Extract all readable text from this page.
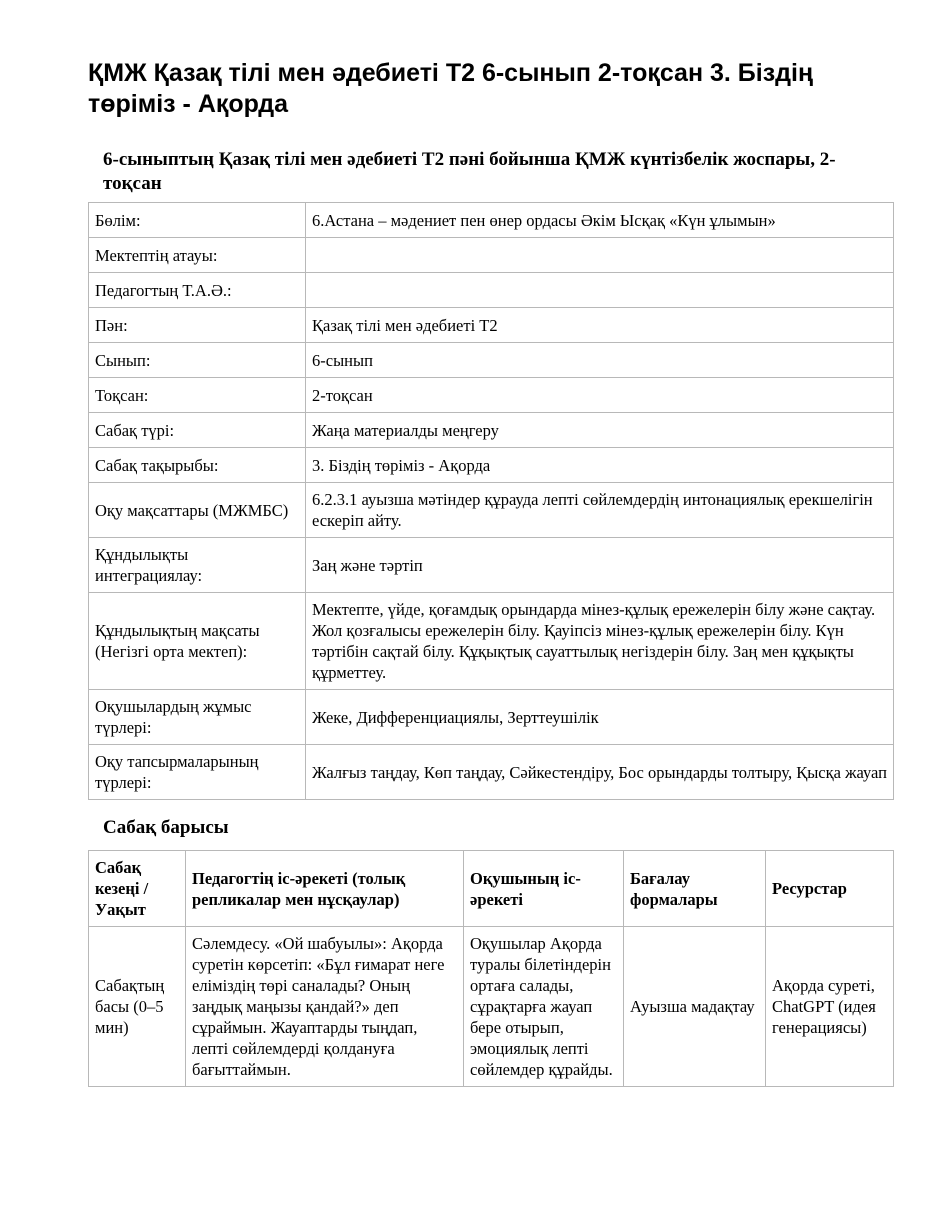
ҚМЖ Қазақ тілі мен әдебиеті Т2 6-сынып 2-тоқсан 3. Біздің төріміз - Ақорда
6-сыныптың Қазақ тілі мен әдебиеті Т2 пәні бойынша ҚМЖ күнтізбелік жоспары, 2-тоқсан
Бөлім:	6.Астана – мәдениет пен өнер ордасы Әкім Ысқақ «Күн ұлымын»
Мектептің атауы:	
Педагогтың Т.А.Ә.:	
Пән:	Қазақ тілі мен әдебиеті Т2
Сынып:	6-сынып
Тоқсан:	2-тоқсан
Сабақ түрі:	Жаңа материалды меңгеру
Сабақ тақырыбы:	3. Біздің төріміз - Ақорда
Оқу мақсаттары (МЖМБС)	6.2.3.1 ауызша мәтіндер құрауда лепті сөйлемдердің интонациялық ерекшелігін ескеріп айту.
Құндылықты интеграциялау:	Заң және тәртіп
Құндылықтың мақсаты (Негізгі орта мектеп):	Мектепте, үйде, қоғамдық орындарда мінез-құлық ережелерін білу және сақтау. Жол қозғалысы ережелерін білу. Қауіпсіз мінез-құлық ережелерін білу. Күн тәртібін сақтай білу. Құқықтық сауаттылық негіздерін білу. Заң мен құқықты құрметтеу.
Оқушылардың жұмыс түрлері:	Жеке, Дифференциациялы, Зерттеушілік
Оқу тапсырмаларының түрлері:	Жалғыз таңдау, Көп таңдау, Сәйкестендіру, Бос орындарды толтыру, Қысқа жауап
Сабақ барысы
Сабақ кезеңі / Уақыт	Педагогтің іс-әрекеті (толық репликалар мен нұсқаулар)	Оқушының іс-әрекеті	Бағалау формалары	Ресурстар
Сабақтың басы (0–5 мин)	Сәлемдесу. «Ой шабуылы»: Ақорда суретін көрсетіп: «Бұл ғимарат неге еліміздің төрі саналады? Оның заңдық маңызы қандай?» деп сұраймын. Жауаптарды тыңдап, лепті сөйлемдерді қолдануға бағыттаймын.	Оқушылар Ақорда туралы білетіндерін ортаға салады, сұрақтарға жауап бере отырып, эмоциялық лепті сөйлемдер құрайды.	Ауызша мадақтау	Ақорда суреті, ChatGPT (идея генерациясы)
